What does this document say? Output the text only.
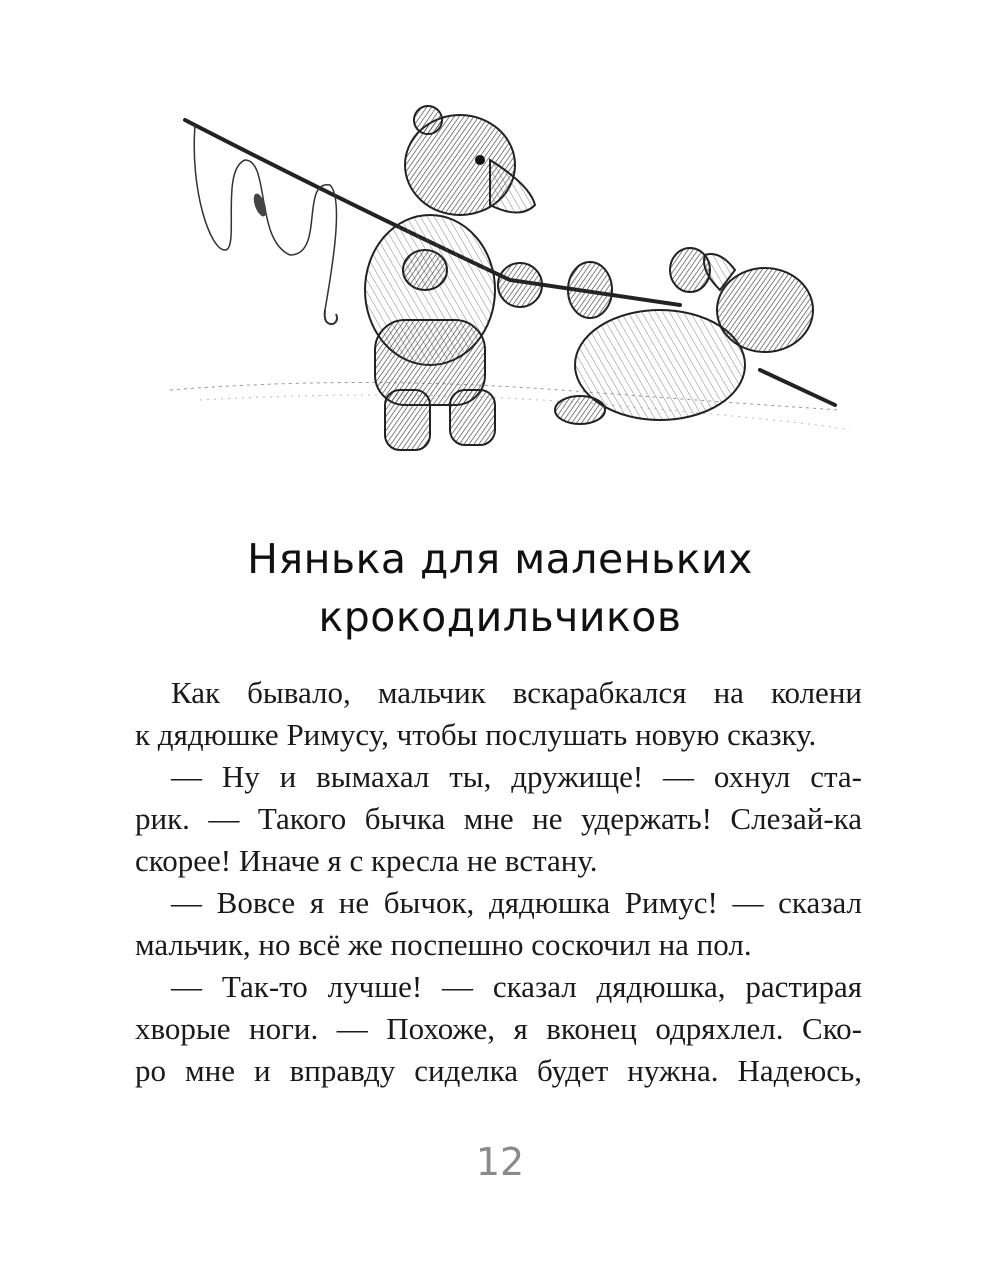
Нянька для маленьких
крокодильчиков
Как бывало, мальчик вскарабкался на колени
к дядюшке Римусу, чтобы послушать новую сказку.
— Ну и вымахал ты, дружище! — охнул ста-
рик. — Такого бычка мне не удержать! Слезай-ка
скорее! Иначе я с кресла не встану.
— Вовсе я не бычок, дядюшка Римус! — сказал
мальчик, но всё же поспешно соскочил на пол.
— Так-то лучше! — сказал дядюшка, растирая
хворые ноги. — Похоже, я вконец одряхлел. Ско-
ро мне и вправду сиделка будет нужна. Надеюсь,
12
